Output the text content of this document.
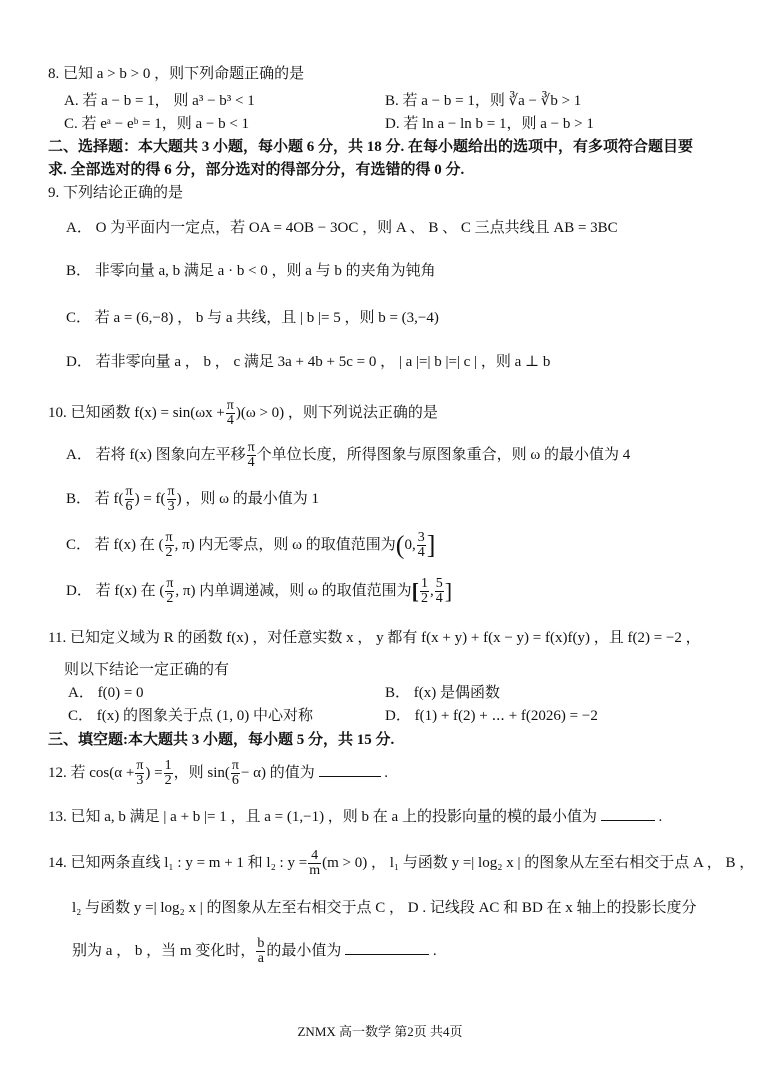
8. 已知 a > b > 0 ，则下列命题正确的是
A. 若 a − b = 1， 则 a³ − b³ < 1	B. 若 a − b = 1，则 ∛a − ∛b > 1
C. 若 eᵃ − eᵇ = 1，则 a − b < 1	D. 若 ln a − ln b = 1，则 a − b > 1
二、选择题：本大题共 3 小题，每小题 6 分，共 18 分. 在每小题给出的选项中，有多项符合题目要
求. 全部选对的得 6 分，部分选对的得部分分，有选错的得 0 分.
9. 下列结论正确的是
A． O 为平面内一定点，若 OA = 4OB − 3OC ，则 A 、 B 、 C 三点共线且 AB = 3BC
B． 非零向量 a, b 满足 a · b < 0 ，则 a 与 b 的夹角为钝角
C． 若 a = (6,−8) ， b 与 a 共线，且 | b |= 5 ，则 b = (3,−4)
D． 若非零向量 a ， b ， c 满足 3a + 4b + 5c = 0 ， | a |=| b |=| c | ，则 a ⊥ b
10. 已知函数 $f(x) = \sin(\omega x + \frac{\pi}{4} )(\omega > 0)$ ，则下列说法正确的是
A． 若将 f(x) 图象向左平移 $\frac{\pi}{4}$ 个单位长度，所得图象与原图象重合，则 ω 的最小值为 4
B． 若 $f( \frac{\pi}{6}$ ) = $f( \frac{\pi}{3}$ ) ，则 ω 的最小值为 1
C． 若 f(x) 在 ( $\frac{\pi}{2}$ , π) 内无零点，则 ω 的取值范围为(0, $\frac{3}{4}$ ]
D． 若 f(x) 在 ( $\frac{\pi}{2}$ , π) 内单调递减，则 ω 的取值范围为[ $\frac{1}{2}$ , $\frac{5}{4}$ ]
11. 已知定义域为 R 的函数 f(x) ，对任意实数 x ， y 都有 f(x + y) + f(x − y) = f(x)f(y) ，且 f(2) = −2 ，
则以下结论一定正确的有
A． f(0) = 0	B． f(x) 是偶函数
C． f(x) 的图象关于点 (1, 0) 中心对称	D． f(1) + f(2) + ⋯ + f(2026) = −2
三、填空题:本大题共 3 小题，每小题 5 分，共 15 分.
12. 若 $\cos(\alpha + \frac{\pi}{3}$ ) = $\frac{1}{2}$ ，则 $\sin( \frac{\pi}{6} - \alpha)$ 的值为	.
13. 已知 a, b 满足 | a + b |= 1 ，且 a = (1,−1) ，则 b 在 a 上的投影向量的模的最小值为	.
14. 已知两条直线 l₁ : y = m + 1 和 l₂ : $y = \frac{4}{m} (m > 0)$ ， l₁ 与函数 y =| log₂ x | 的图象从左至右相交于点 A ， B ，
l₂ 与函数 y =| log₂ x | 的图象从左至右相交于点 C ， D . 记线段 AC 和 BD 在 x 轴上的投影长度分
别为 a ， b ，当 m 变化时， $\frac{b}{a}$ 的最小值为	.
ZNMX 高一数学 第2页 共4页
